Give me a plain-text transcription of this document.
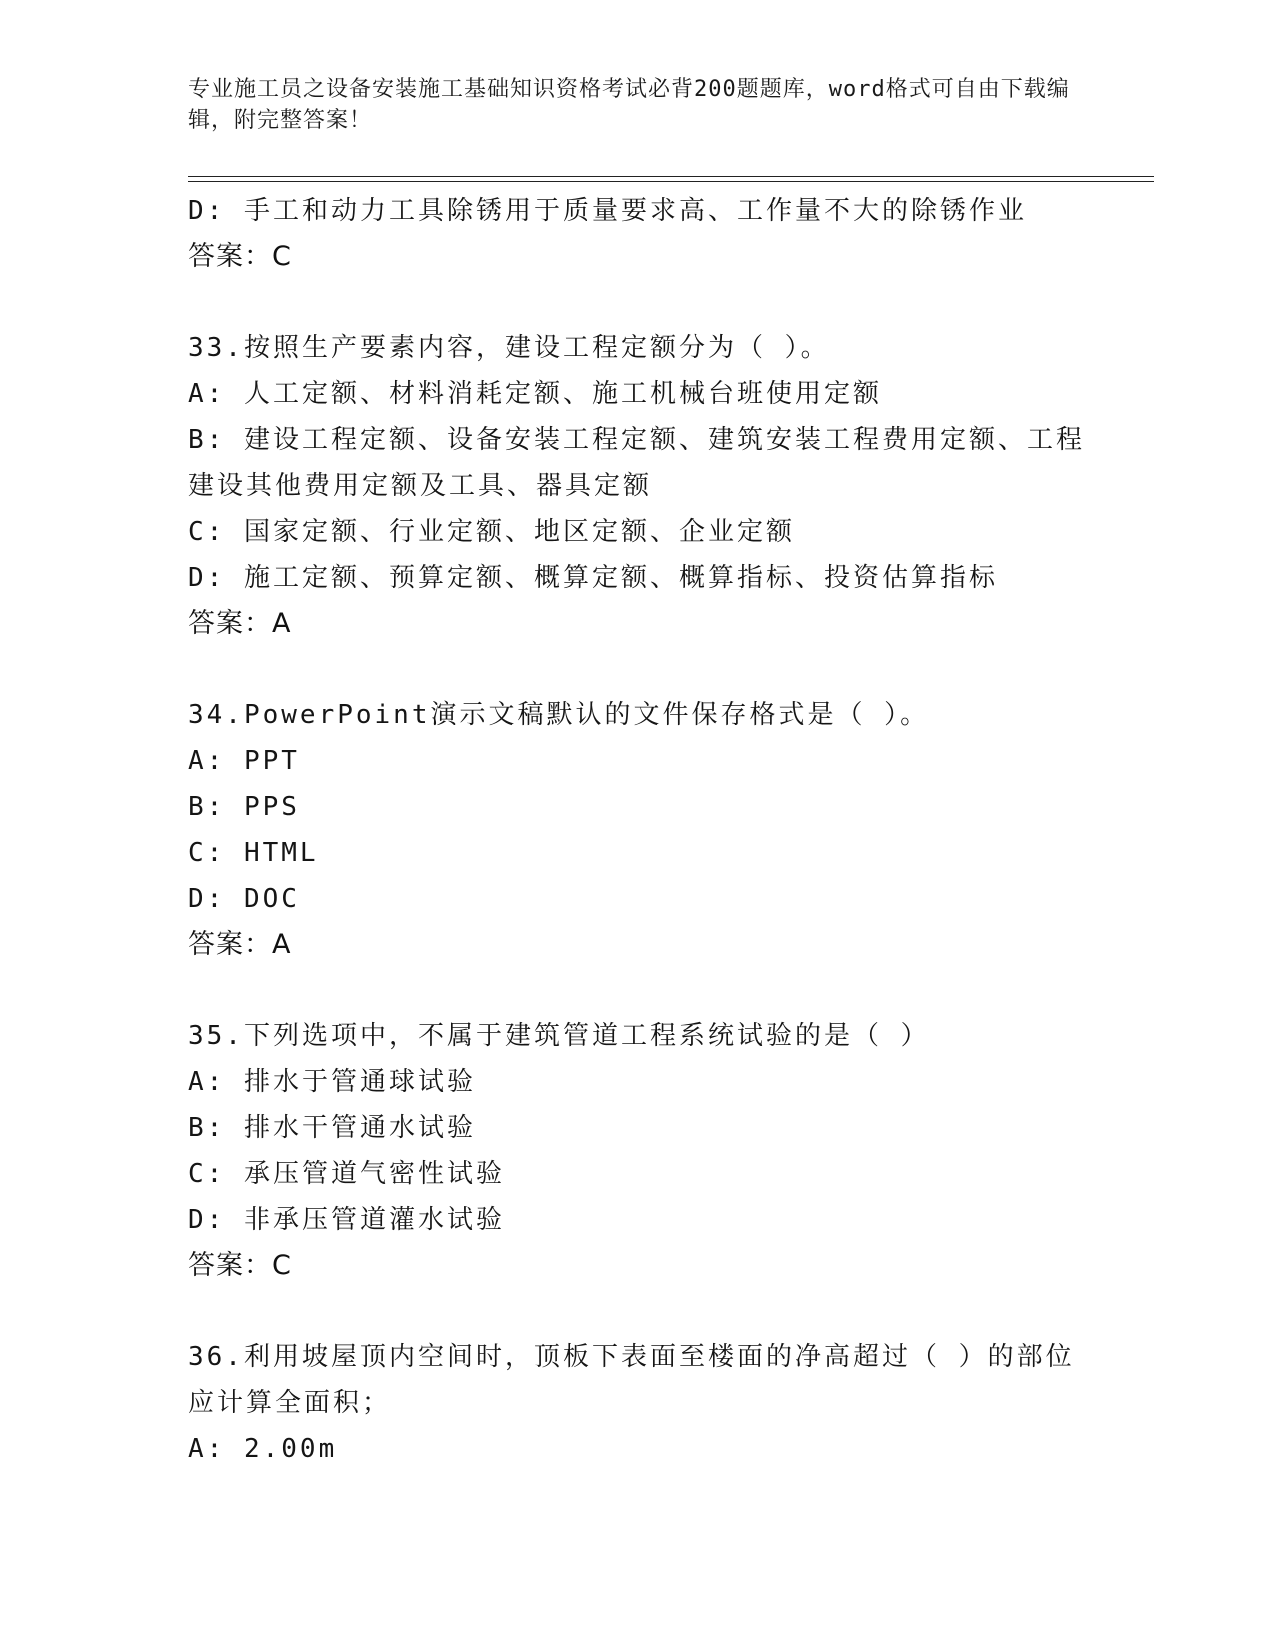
专业施工员之设备安装施工基础知识资格考试必背200题题库，word格式可自由下载编辑，附完整答案！
D: 手工和动力工具除锈用于质量要求高、工作量不大的除锈作业
答案：C
33.按照生产要素内容，建设工程定额分为（ ）。
A: 人工定额、材料消耗定额、施工机械台班使用定额
B: 建设工程定额、设备安装工程定额、建筑安装工程费用定额、工程建设其他费用定额及工具、器具定额
C: 国家定额、行业定额、地区定额、企业定额
D: 施工定额、预算定额、概算定额、概算指标、投资估算指标
答案：A
34.PowerPoint演示文稿默认的文件保存格式是（ ）。
A: PPT
B: PPS
C: HTML
D: DOC
答案：A
35.下列选项中，不属于建筑管道工程系统试验的是（ ）
A: 排水于管通球试验
B: 排水干管通水试验
C: 承压管道气密性试验
D: 非承压管道灌水试验
答案：C
36.利用坡屋顶内空间时，顶板下表面至楼面的净高超过（ ）的部位应计算全面积；
A: 2.00m
